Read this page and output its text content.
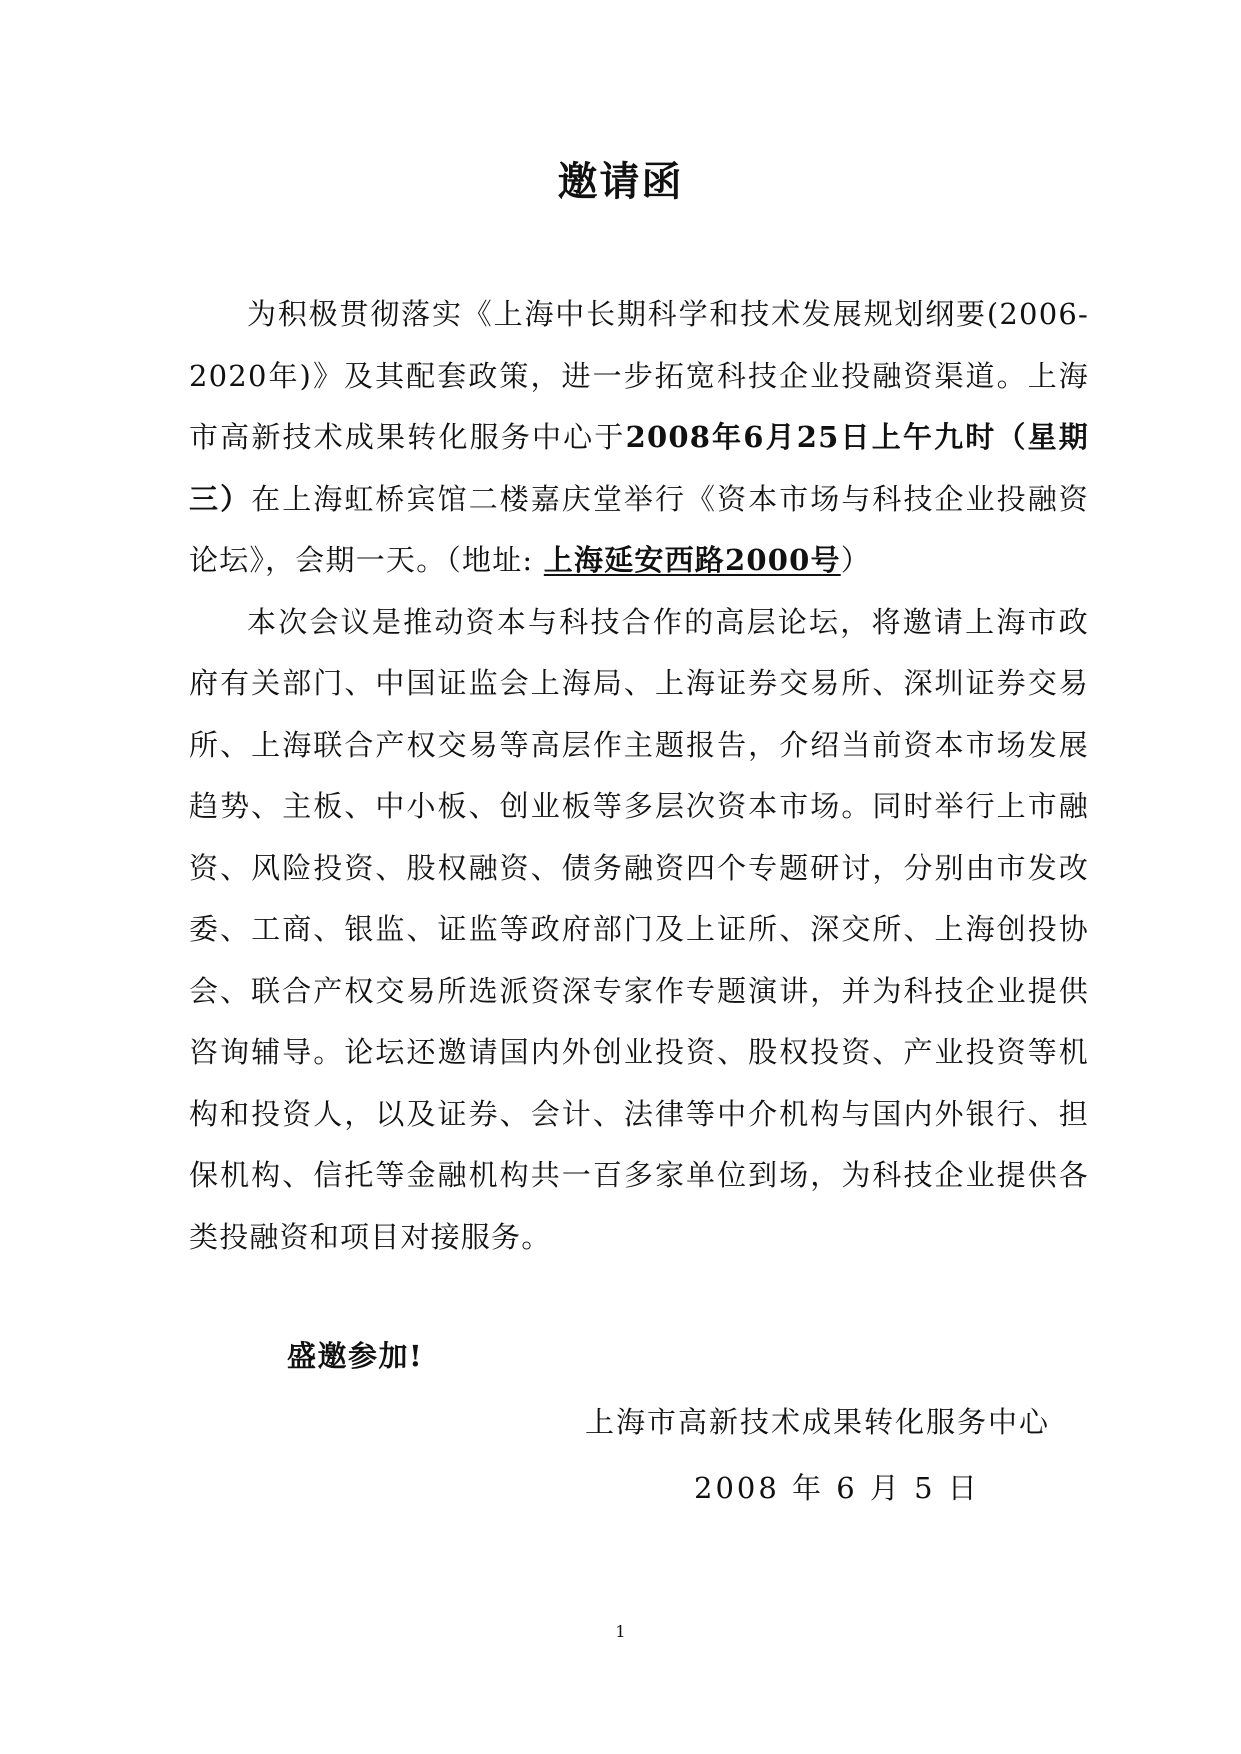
邀请函

为积极贯彻落实《上海中长期科学和技术发展规划纲要(2006-2020年)》及其配套政策，进一步拓宽科技企业投融资渠道。上海市高新技术成果转化服务中心于2008年6月25日上午九时（星期三）在上海虹桥宾馆二楼嘉庆堂举行《资本市场与科技企业投融资论坛》，会期一天。（地址: 上海延安西路2000号）

本次会议是推动资本与科技合作的高层论坛，将邀请上海市政府有关部门、中国证监会上海局、上海证券交易所、深圳证券交易所、上海联合产权交易等高层作主题报告，介绍当前资本市场发展趋势、主板、中小板、创业板等多层次资本市场。同时举行上市融资、风险投资、股权融资、债务融资四个专题研讨，分别由市发改委、工商、银监、证监等政府部门及上证所、深交所、上海创投协会、联合产权交易所选派资深专家作专题演讲，并为科技企业提供咨询辅导。论坛还邀请国内外创业投资、股权投资、产业投资等机构和投资人，以及证券、会计、法律等中介机构与国内外银行、担保机构、信托等金融机构共一百多家单位到场，为科技企业提供各类投融资和项目对接服务。

盛邀参加!
上海市高新技术成果转化服务中心
2008 年 6 月 5 日
1
